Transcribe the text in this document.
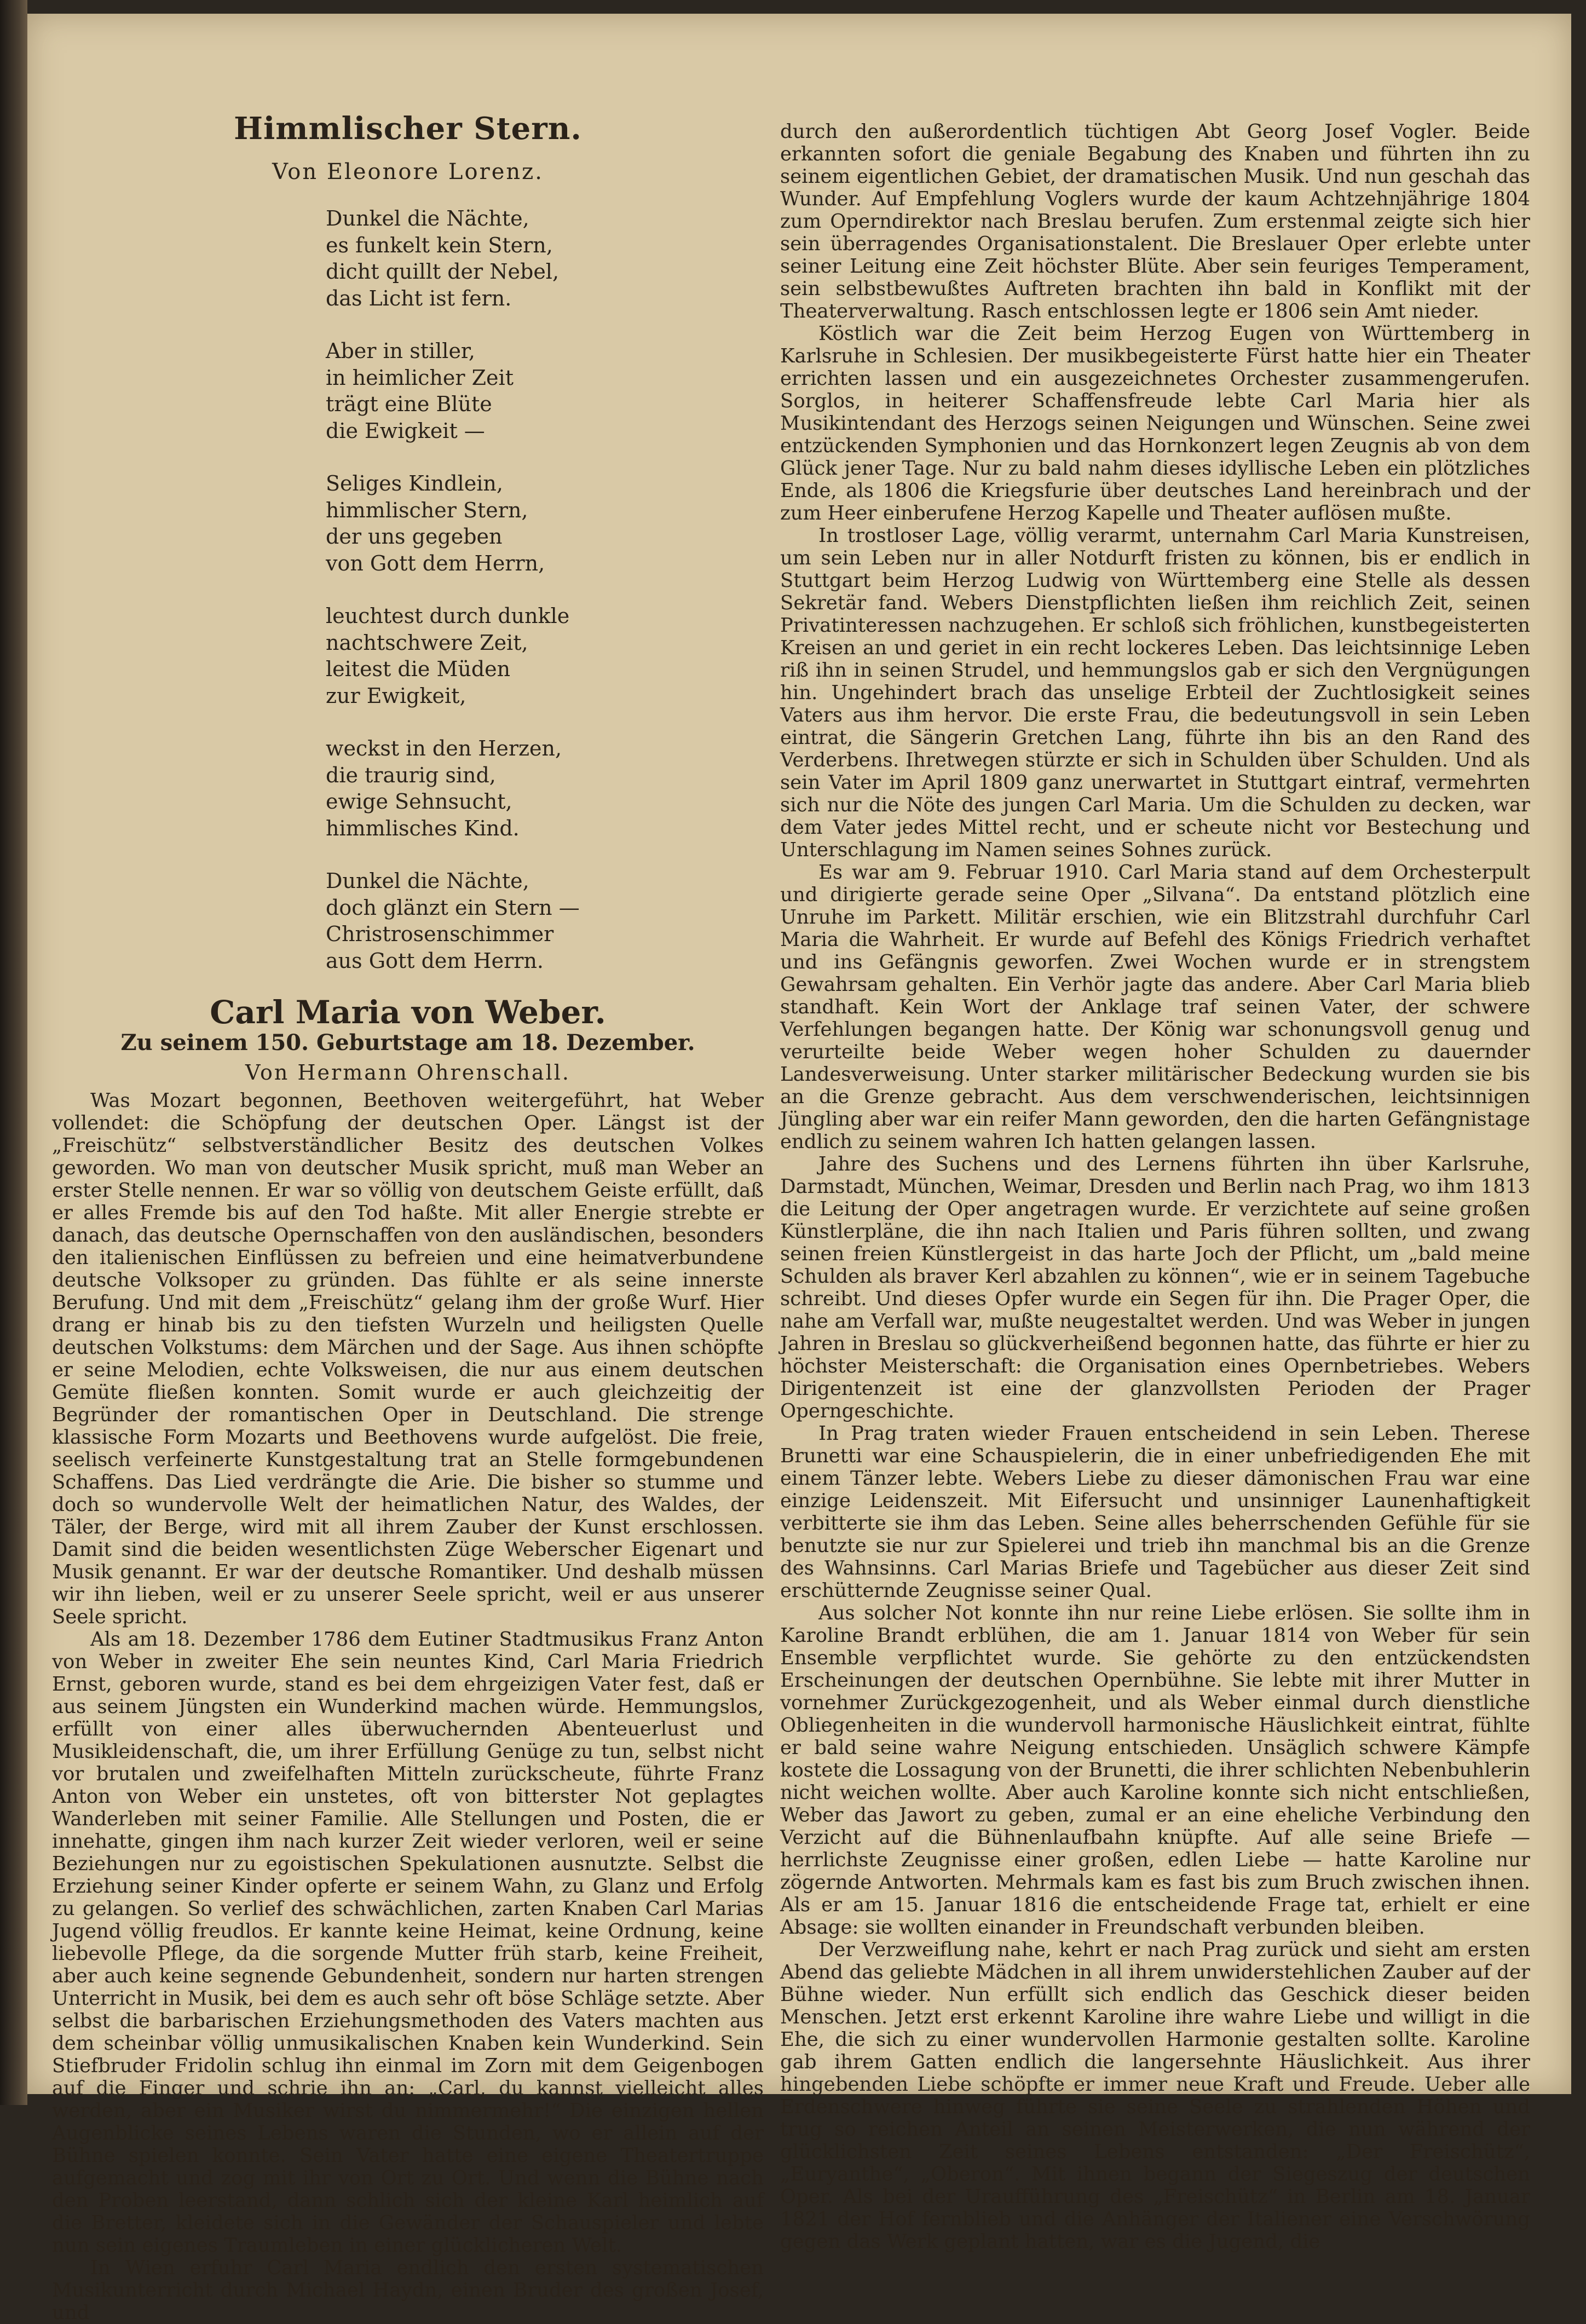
Himmlischer Stern.
Von Eleonore Lorenz.
Dunkel die Nächte,
es funkelt kein Stern,
dicht quillt der Nebel,
das Licht ist fern.
Aber in stiller,
in heimlicher Zeit
trägt eine Blüte
die Ewigkeit —
Seliges Kindlein,
himmlischer Stern,
der uns gegeben
von Gott dem Herrn,
leuchtest durch dunkle
nachtschwere Zeit,
leitest die Müden
zur Ewigkeit,
weckst in den Herzen,
die traurig sind,
ewige Sehnsucht,
himmlisches Kind.
Dunkel die Nächte,
doch glänzt ein Stern —
Christrosenschimmer
aus Gott dem Herrn.
Carl Maria von Weber.
Zu seinem 150. Geburtstage am 18. Dezember.
Von Hermann Ohrenschall.

Was Mozart begonnen, Beethoven weitergeführt, hat Weber vollendet: die Schöpfung der deutschen Oper. Längst ist der „Freischütz“ selbstverständlicher Besitz des deutschen Volkes geworden. Wo man von deutscher Musik spricht, muß man Weber an erster Stelle nennen. Er war so völlig von deutschem Geiste erfüllt, daß er alles Fremde bis auf den Tod haßte. Mit aller Energie strebte er danach, das deutsche Opernschaffen von den ausländischen, besonders den italienischen Einflüssen zu befreien und eine heimatverbundene deutsche Volksoper zu gründen. Das fühlte er als seine innerste Berufung. Und mit dem „Freischütz“ gelang ihm der große Wurf. Hier drang er hinab bis zu den tiefsten Wurzeln und heiligsten Quelle deutschen Volkstums: dem Märchen und der Sage. Aus ihnen schöpfte er seine Melodien, echte Volksweisen, die nur aus einem deutschen Gemüte fließen konnten. Somit wurde er auch gleichzeitig der Begründer der romantischen Oper in Deutschland. Die strenge klassische Form Mozarts und Beethovens wurde aufgelöst. Die freie, seelisch verfeinerte Kunstgestaltung trat an Stelle formgebundenen Schaffens. Das Lied verdrängte die Arie. Die bisher so stumme und doch so wundervolle Welt der heimatlichen Natur, des Waldes, der Täler, der Berge, wird mit all ihrem Zauber der Kunst erschlossen. Damit sind die beiden wesentlichsten Züge Weberscher Eigenart und Musik genannt. Er war der deutsche Romantiker. Und deshalb müssen wir ihn lieben, weil er zu unserer Seele spricht, weil er aus unserer Seele spricht.

Als am 18. Dezember 1786 dem Eutiner Stadtmusikus Franz Anton von Weber in zweiter Ehe sein neuntes Kind, Carl Maria Friedrich Ernst, geboren wurde, stand es bei dem ehrgeizigen Vater fest, daß er aus seinem Jüngsten ein Wunderkind machen würde. Hemmungslos, erfüllt von einer alles überwuchernden Abenteuerlust und Musikleidenschaft, die, um ihrer Erfüllung Genüge zu tun, selbst nicht vor brutalen und zweifelhaften Mitteln zurückscheute, führte Franz Anton von Weber ein unstetes, oft von bitterster Not geplagtes Wanderleben mit seiner Familie. Alle Stellungen und Posten, die er innehatte, gingen ihm nach kurzer Zeit wieder verloren, weil er seine Beziehungen nur zu egoistischen Spekulationen ausnutzte. Selbst die Erziehung seiner Kinder opferte er seinem Wahn, zu Glanz und Erfolg zu gelangen. So verlief des schwächlichen, zarten Knaben Carl Marias Jugend völlig freudlos. Er kannte keine Heimat, keine Ordnung, keine liebevolle Pflege, da die sorgende Mutter früh starb, keine Freiheit, aber auch keine segnende Gebundenheit, sondern nur harten strengen Unterricht in Musik, bei dem es auch sehr oft böse Schläge setzte. Aber selbst die barbarischen Erziehungsmethoden des Vaters machten aus dem scheinbar völlig unmusikalischen Knaben kein Wunderkind. Sein Stiefbruder Fridolin schlug ihn einmal im Zorn mit dem Geigenbogen auf die Finger und schrie ihn an: „Carl, du kannst vielleicht alles werden, aber ein Musiker wirst du nimmermehr!“ Die einzigen hellen Augenblicke seines Lebens waren die Stunden, wo er allein auf der Bühne spielen konnte. Sein Vater hatte eine eigene Theatertruppe aufgemacht und zog mit ihr von Ort zu Ort. Und wenn die Bühne nach den Proben leerstand, dann schlich sich der kleine Karl heimlich auf die Bretter, kleidete sich in die Gewänder der Schauspieler und lebte nun sein eigenes Traumleben in einer glücklicheren Welt.

In Wien erfuhr Carl Maria endlich den ersten systematischen Musikunterricht durch Michael Haydn, einen Bruder des großen Josef, und

durch den außerordentlich tüchtigen Abt Georg Josef Vogler. Beide erkannten sofort die geniale Begabung des Knaben und führten ihn zu seinem eigentlichen Gebiet, der dramatischen Musik. Und nun geschah das Wunder. Auf Empfehlung Voglers wurde der kaum Achtzehnjährige 1804 zum Operndirektor nach Breslau berufen. Zum erstenmal zeigte sich hier sein überragendes Organisationstalent. Die Breslauer Oper erlebte unter seiner Leitung eine Zeit höchster Blüte. Aber sein feuriges Temperament, sein selbstbewußtes Auftreten brachten ihn bald in Konflikt mit der Theaterverwaltung. Rasch entschlossen legte er 1806 sein Amt nieder.

Köstlich war die Zeit beim Herzog Eugen von Württemberg in Karlsruhe in Schlesien. Der musikbegeisterte Fürst hatte hier ein Theater errichten lassen und ein ausgezeichnetes Orchester zusammengerufen. Sorglos, in heiterer Schaffensfreude lebte Carl Maria hier als Musikintendant des Herzogs seinen Neigungen und Wünschen. Seine zwei entzückenden Symphonien und das Hornkonzert legen Zeugnis ab von dem Glück jener Tage. Nur zu bald nahm dieses idyllische Leben ein plötzliches Ende, als 1806 die Kriegsfurie über deutsches Land hereinbrach und der zum Heer einberufene Herzog Kapelle und Theater auflösen mußte.

In trostloser Lage, völlig verarmt, unternahm Carl Maria Kunstreisen, um sein Leben nur in aller Notdurft fristen zu können, bis er endlich in Stuttgart beim Herzog Ludwig von Württemberg eine Stelle als dessen Sekretär fand. Webers Dienstpflichten ließen ihm reichlich Zeit, seinen Privatinteressen nachzugehen. Er schloß sich fröhlichen, kunstbegeisterten Kreisen an und geriet in ein recht lockeres Leben. Das leichtsinnige Leben riß ihn in seinen Strudel, und hemmungslos gab er sich den Vergnügungen hin. Ungehindert brach das unselige Erbteil der Zuchtlosigkeit seines Vaters aus ihm hervor. Die erste Frau, die bedeutungsvoll in sein Leben eintrat, die Sängerin Gretchen Lang, führte ihn bis an den Rand des Verderbens. Ihretwegen stürzte er sich in Schulden über Schulden. Und als sein Vater im April 1809 ganz unerwartet in Stuttgart eintraf, vermehrten sich nur die Nöte des jungen Carl Maria. Um die Schulden zu decken, war dem Vater jedes Mittel recht, und er scheute nicht vor Bestechung und Unterschlagung im Namen seines Sohnes zurück.

Es war am 9. Februar 1910. Carl Maria stand auf dem Orchesterpult und dirigierte gerade seine Oper „Silvana“. Da entstand plötzlich eine Unruhe im Parkett. Militär erschien, wie ein Blitzstrahl durchfuhr Carl Maria die Wahrheit. Er wurde auf Befehl des Königs Friedrich verhaftet und ins Gefängnis geworfen. Zwei Wochen wurde er in strengstem Gewahrsam gehalten. Ein Verhör jagte das andere. Aber Carl Maria blieb standhaft. Kein Wort der Anklage traf seinen Vater, der schwere Verfehlungen begangen hatte. Der König war schonungsvoll genug und verurteilte beide Weber wegen hoher Schulden zu dauernder Landesverweisung. Unter starker militärischer Bedeckung wurden sie bis an die Grenze gebracht. Aus dem verschwenderischen, leichtsinnigen Jüngling aber war ein reifer Mann geworden, den die harten Gefängnistage endlich zu seinem wahren Ich hatten gelangen lassen.

Jahre des Suchens und des Lernens führten ihn über Karlsruhe, Darmstadt, München, Weimar, Dresden und Berlin nach Prag, wo ihm 1813 die Leitung der Oper angetragen wurde. Er verzichtete auf seine großen Künstlerpläne, die ihn nach Italien und Paris führen sollten, und zwang seinen freien Künstlergeist in das harte Joch der Pflicht, um „bald meine Schulden als braver Kerl abzahlen zu können“, wie er in seinem Tagebuche schreibt. Und dieses Opfer wurde ein Segen für ihn. Die Prager Oper, die nahe am Verfall war, mußte neugestaltet werden. Und was Weber in jungen Jahren in Breslau so glückverheißend begonnen hatte, das führte er hier zu höchster Meisterschaft: die Organisation eines Opernbetriebes. Webers Dirigentenzeit ist eine der glanzvollsten Perioden der Prager Operngeschichte.

In Prag traten wieder Frauen entscheidend in sein Leben. Therese Brunetti war eine Schauspielerin, die in einer unbefriedigenden Ehe mit einem Tänzer lebte. Webers Liebe zu dieser dämonischen Frau war eine einzige Leidenszeit. Mit Eifersucht und unsinniger Launenhaftigkeit verbitterte sie ihm das Leben. Seine alles beherrschenden Gefühle für sie benutzte sie nur zur Spielerei und trieb ihn manchmal bis an die Grenze des Wahnsinns. Carl Marias Briefe und Tagebücher aus dieser Zeit sind erschütternde Zeugnisse seiner Qual.

Aus solcher Not konnte ihn nur reine Liebe erlösen. Sie sollte ihm in Karoline Brandt erblühen, die am 1. Januar 1814 von Weber für sein Ensemble verpflichtet wurde. Sie gehörte zu den entzückendsten Erscheinungen der deutschen Opernbühne. Sie lebte mit ihrer Mutter in vornehmer Zurückgezogenheit, und als Weber einmal durch dienstliche Obliegenheiten in die wundervoll harmonische Häuslichkeit eintrat, fühlte er bald seine wahre Neigung entschieden. Unsäglich schwere Kämpfe kostete die Lossagung von der Brunetti, die ihrer schlichten Nebenbuhlerin nicht weichen wollte. Aber auch Karoline konnte sich nicht entschließen, Weber das Jawort zu geben, zumal er an eine eheliche Verbindung den Verzicht auf die Bühnenlaufbahn knüpfte. Auf alle seine Briefe — herrlichste Zeugnisse einer großen, edlen Liebe — hatte Karoline nur zögernde Antworten. Mehrmals kam es fast bis zum Bruch zwischen ihnen. Als er am 15. Januar 1816 die entscheidende Frage tat, erhielt er eine Absage: sie wollten einander in Freundschaft verbunden bleiben.

Der Verzweiflung nahe, kehrt er nach Prag zurück und sieht am ersten Abend das geliebte Mädchen in all ihrem unwiderstehlichen Zauber auf der Bühne wieder. Nun erfüllt sich endlich das Geschick dieser beiden Menschen. Jetzt erst erkennt Karoline ihre wahre Liebe und willigt in die Ehe, die sich zu einer wundervollen Harmonie gestalten sollte. Karoline gab ihrem Gatten endlich die langersehnte Häuslichkeit. Aus ihrer hingebenden Liebe schöpfte er immer neue Kraft und Freude. Ueber alle Erdenschwere hinweg führte sie seine Seele zu strahlenden Höhen und trug so reichen Anteil an seinen Meisterwerken, die nun während der glücklichsten Zeit seines Lebens entstanden: „Der Freischütz“, „Euryanthe“, „Oberon“. Mit ihnen begann der Siegeszug der deutschen Oper. Als bei der Uraufführung des „Freischütz“ in Berlin am 18. Januar 1821 der Hof fernblieb und die Anhänger der Italiener eine Verschwörung gegen das Werk geplant hatten, war es die Jugend, die
